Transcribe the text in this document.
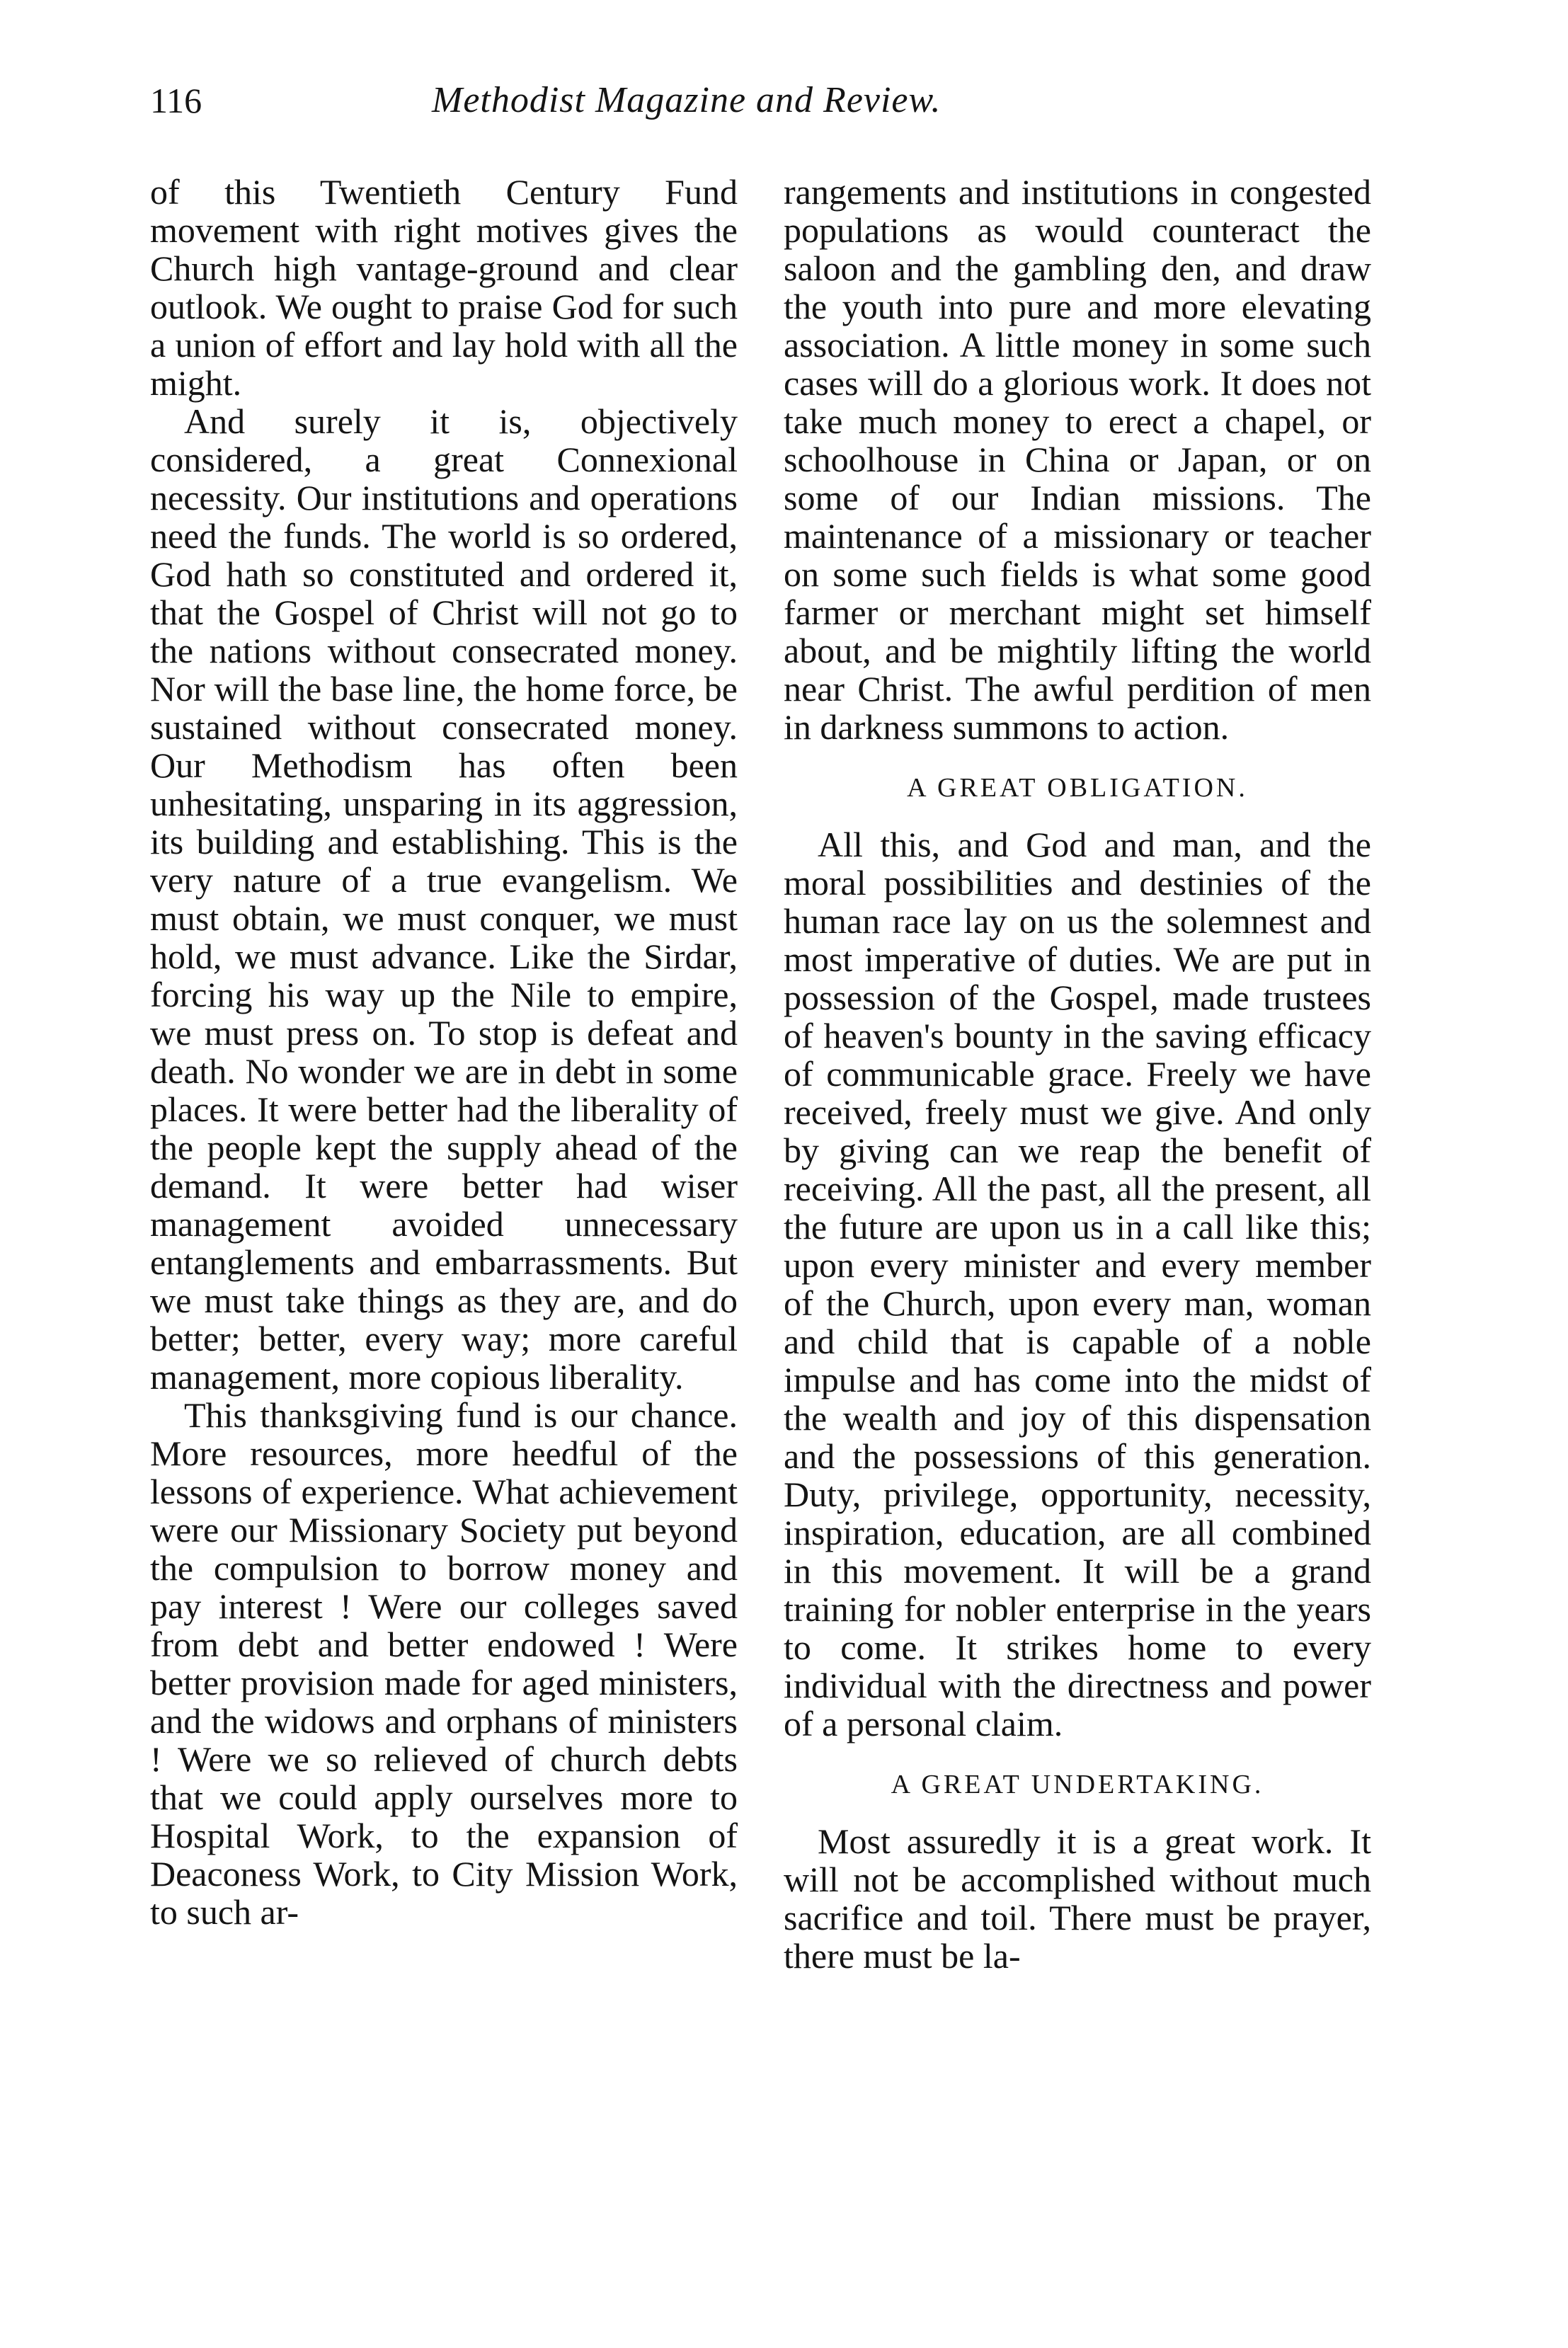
116	Methodist Magazine and Review.

of this Twentieth Century Fund movement with right motives gives the Church high vantage-ground and clear outlook. We ought to praise God for such a union of effort and lay hold with all the might.

And surely it is, objectively considered, a great Connexional necessity. Our institutions and operations need the funds. The world is so ordered, God hath so constituted and ordered it, that the Gospel of Christ will not go to the nations without consecrated money. Nor will the base line, the home force, be sustained without consecrated money. Our Methodism has often been unhesitating, unsparing in its aggression, its building and establishing. This is the very nature of a true evangelism. We must obtain, we must conquer, we must hold, we must advance. Like the Sirdar, forcing his way up the Nile to empire, we must press on. To stop is defeat and death. No wonder we are in debt in some places. It were better had the liberality of the people kept the supply ahead of the demand. It were better had wiser management avoided unnecessary entanglements and embarrassments. But we must take things as they are, and do better; better, every way; more careful management, more copious liberality.

This thanksgiving fund is our chance. More resources, more heedful of the lessons of experience. What achievement were our Missionary Society put beyond the compulsion to borrow money and pay interest ! Were our colleges saved from debt and better endowed ! Were better provision made for aged ministers, and the widows and orphans of ministers ! Were we so relieved of church debts that we could apply ourselves more to Hospital Work, to the expansion of Deaconess Work, to City Mission Work, to such ar-

rangements and institutions in congested populations as would counteract the saloon and the gambling den, and draw the youth into pure and more elevating association. A little money in some such cases will do a glorious work. It does not take much money to erect a chapel, or schoolhouse in China or Japan, or on some of our Indian missions. The maintenance of a missionary or teacher on some such fields is what some good farmer or merchant might set himself about, and be mightily lifting the world near Christ. The awful perdition of men in darkness summons to action.

A GREAT OBLIGATION.

All this, and God and man, and the moral possibilities and destinies of the human race lay on us the solemnest and most imperative of duties. We are put in possession of the Gospel, made trustees of heaven's bounty in the saving efficacy of communicable grace. Freely we have received, freely must we give. And only by giving can we reap the benefit of receiving. All the past, all the present, all the future are upon us in a call like this; upon every minister and every member of the Church, upon every man, woman and child that is capable of a noble impulse and has come into the midst of the wealth and joy of this dispensation and the possessions of this generation. Duty, privilege, opportunity, necessity, inspiration, education, are all combined in this movement. It will be a grand training for nobler enterprise in the years to come. It strikes home to every individual with the directness and power of a personal claim.

A GREAT UNDERTAKING.

Most assuredly it is a great work. It will not be accomplished without much sacrifice and toil. There must be prayer, there must be la-
